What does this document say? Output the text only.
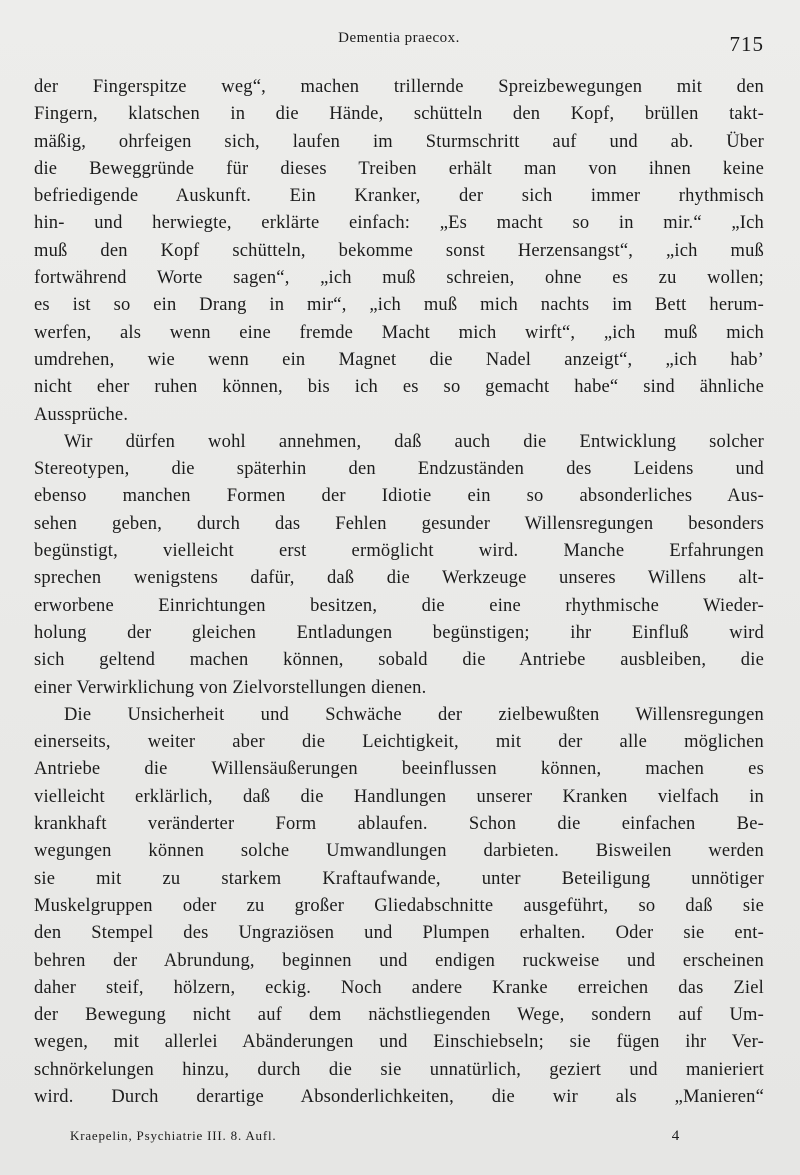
Dementia praecox.	715
der Fingerspitze weg“, machen trillernde Spreizbewegungen mit den
Fingern, klatschen in die Hände, schütteln den Kopf, brüllen takt-
mäßig, ohrfeigen sich, laufen im Sturmschritt auf und ab. Über
die Beweggründe für dieses Treiben erhält man von ihnen keine
befriedigende Auskunft. Ein Kranker, der sich immer rhythmisch
hin- und herwiegte, erklärte einfach: „Es macht so in mir.“ „Ich
muß den Kopf schütteln, bekomme sonst Herzensangst“, „ich muß
fortwährend Worte sagen“, „ich muß schreien, ohne es zu wollen;
es ist so ein Drang in mir“, „ich muß mich nachts im Bett herum-
werfen, als wenn eine fremde Macht mich wirft“, „ich muß mich
umdrehen, wie wenn ein Magnet die Nadel anzeigt“, „ich hab’
nicht eher ruhen können, bis ich es so gemacht habe“ sind ähnliche
Aussprüche.
Wir dürfen wohl annehmen, daß auch die Entwicklung solcher
Stereotypen, die späterhin den Endzuständen des Leidens und
ebenso manchen Formen der Idiotie ein so absonderliches Aus-
sehen geben, durch das Fehlen gesunder Willensregungen besonders
begünstigt, vielleicht erst ermöglicht wird. Manche Erfahrungen
sprechen wenigstens dafür, daß die Werkzeuge unseres Willens alt-
erworbene Einrichtungen besitzen, die eine rhythmische Wieder-
holung der gleichen Entladungen begünstigen; ihr Einfluß wird
sich geltend machen können, sobald die Antriebe ausbleiben, die
einer Verwirklichung von Zielvorstellungen dienen.
Die Unsicherheit und Schwäche der zielbewußten Willensregungen
einerseits, weiter aber die Leichtigkeit, mit der alle möglichen
Antriebe die Willensäußerungen beeinflussen können, machen es
vielleicht erklärlich, daß die Handlungen unserer Kranken vielfach in
krankhaft veränderter Form ablaufen. Schon die einfachen Be-
wegungen können solche Umwandlungen darbieten. Bisweilen werden
sie mit zu starkem Kraftaufwande, unter Beteiligung unnötiger
Muskelgruppen oder zu großer Gliedabschnitte ausgeführt, so daß sie
den Stempel des Ungraziösen und Plumpen erhalten. Oder sie ent-
behren der Abrundung, beginnen und endigen ruckweise und erscheinen
daher steif, hölzern, eckig. Noch andere Kranke erreichen das Ziel
der Bewegung nicht auf dem nächstliegenden Wege, sondern auf Um-
wegen, mit allerlei Abänderungen und Einschiebseln; sie fügen ihr Ver-
schnörkelungen hinzu, durch die sie unnatürlich, geziert und manieriert
wird. Durch derartige Absonderlichkeiten, die wir als „Manieren“
Kraepelin, Psychiatrie III. 8. Aufl.	4
